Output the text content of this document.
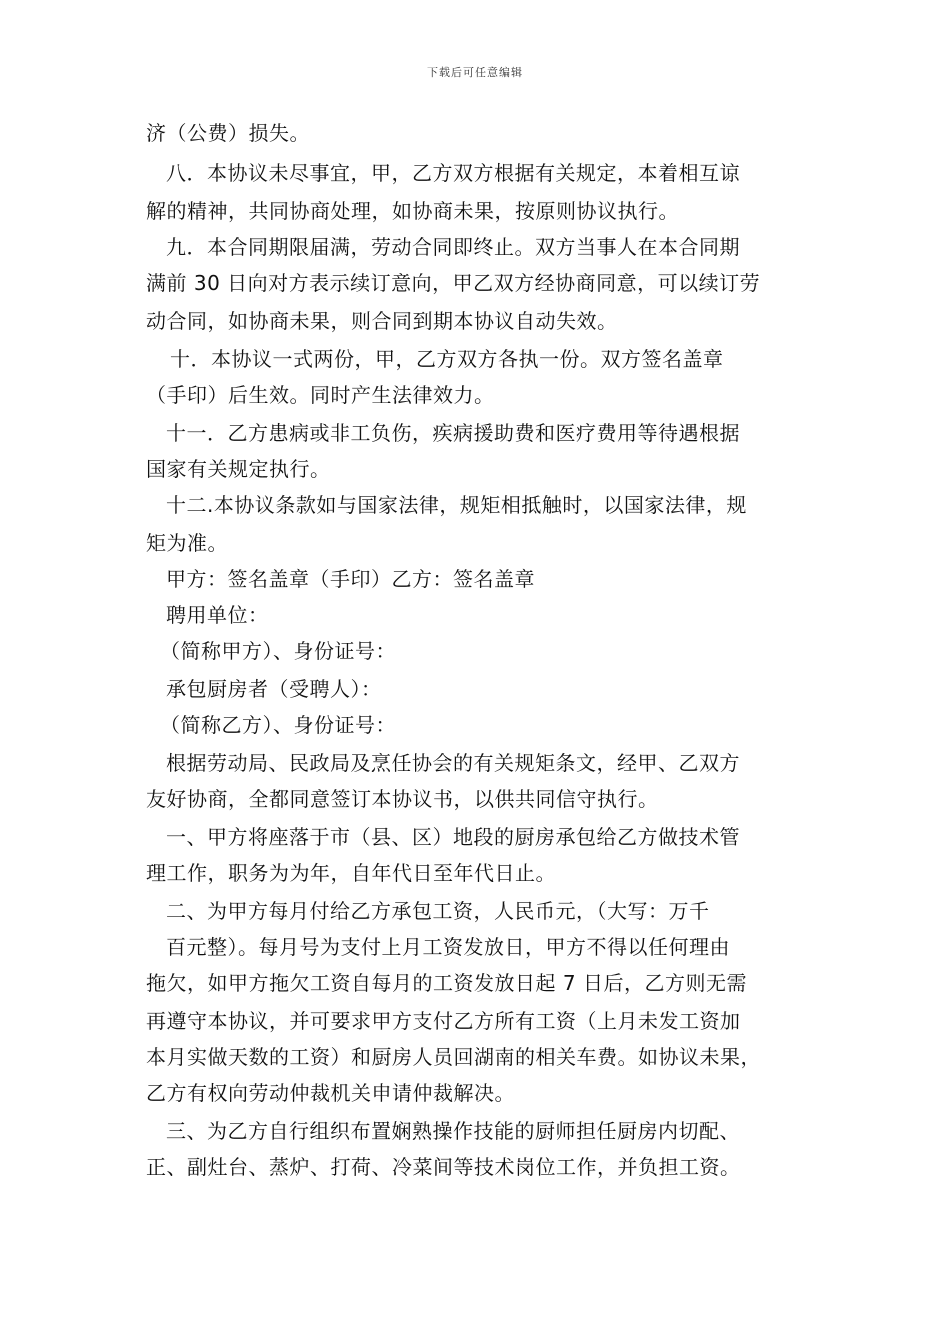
下载后可任意编辑
济（公费）损失。
八．本协议未尽事宜，甲，乙方双方根据有关规定，本着相互谅
解的精神，共同协商处理，如协商未果，按原则协议执行。
九．本合同期限届满，劳动合同即终止。双方当事人在本合同期
满前 30 日向对方表示续订意向，甲乙双方经协商同意，可以续订劳
动合同，如协商未果，则合同到期本协议自动失效。
十．本协议一式两份，甲，乙方双方各执一份。双方签名盖章
（手印）后生效。同时产生法律效力。
十一．乙方患病或非工负伤，疾病援助费和医疗费用等待遇根据
国家有关规定执行。
十二.本协议条款如与国家法律，规矩相抵触时，以国家法律，规
矩为准。
甲方：签名盖章（手印）乙方：签名盖章
聘用单位：
（简称甲方）、身份证号：
承包厨房者（受聘人）：
（简称乙方）、身份证号：
根据劳动局、民政局及烹任协会的有关规矩条文，经甲、乙双方
友好协商，全都同意签订本协议书，以供共同信守执行。
一、甲方将座落于市（县、区）地段的厨房承包给乙方做技术管
理工作，职务为为年，自年代日至年代日止。
二、为甲方每月付给乙方承包工资，人民币元，（大写：万千
百元整）。每月号为支付上月工资发放日，甲方不得以任何理由
拖欠，如甲方拖欠工资自每月的工资发放日起 7 日后，乙方则无需
再遵守本协议，并可要求甲方支付乙方所有工资（上月未发工资加
本月实做天数的工资）和厨房人员回湖南的相关车费。如协议未果，
乙方有权向劳动仲裁机关申请仲裁解决。
三、为乙方自行组织布置娴熟操作技能的厨师担任厨房内切配、
正、副灶台、蒸炉、打荷、冷菜间等技术岗位工作，并负担工资。
